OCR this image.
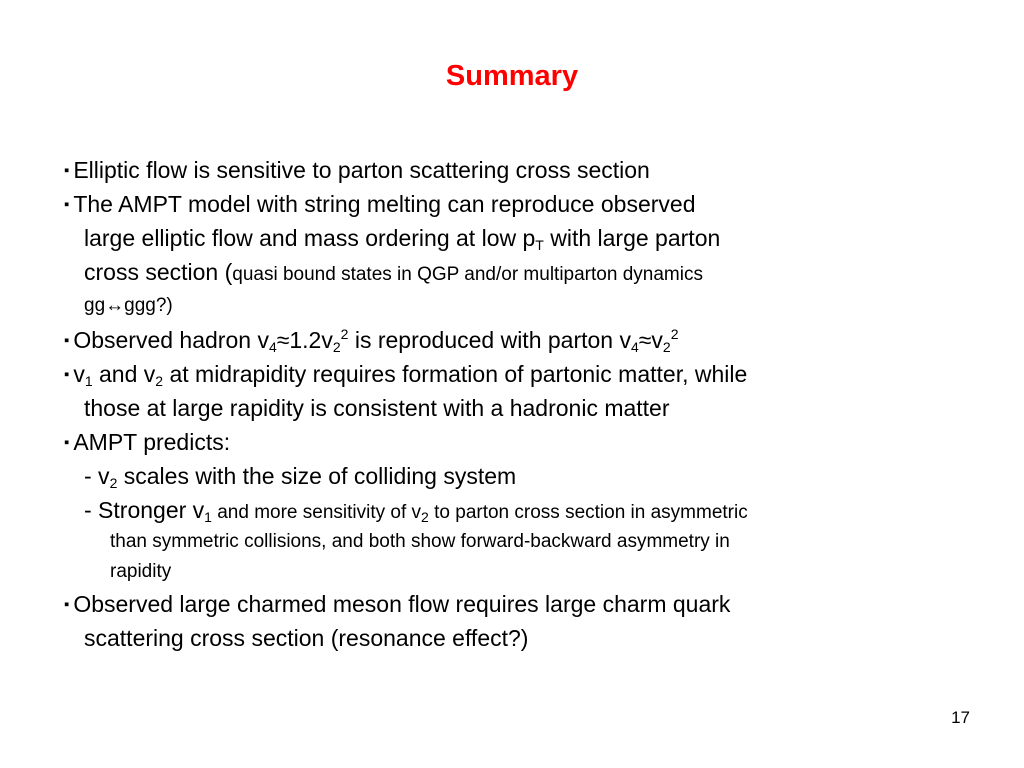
Summary
▪ Elliptic flow is sensitive to parton scattering cross section
▪ The AMPT model with string melting can reproduce observed
large elliptic flow and mass ordering at low $p_T$ with large parton
cross section (quasi bound states in QGP and/or multiparton dynamics
gg↔ggg?)
▪ Observed hadron $v_4\approx 1.2v_2^2$ is reproduced with parton $v_4\approx v_2^2$
▪ $v_1$ and $v_2$ at midrapidity requires formation of partonic matter, while
those at large rapidity is consistent with a hadronic matter
▪ AMPT predicts:
- $v_2$ scales with the size of colliding system
- Stronger $v_1$ and more sensitivity of $v_2$ to parton cross section in asymmetric
than symmetric collisions, and both show forward-backward asymmetry in
rapidity
▪ Observed large charmed meson flow requires large charm quark
scattering cross section (resonance effect?)
17
